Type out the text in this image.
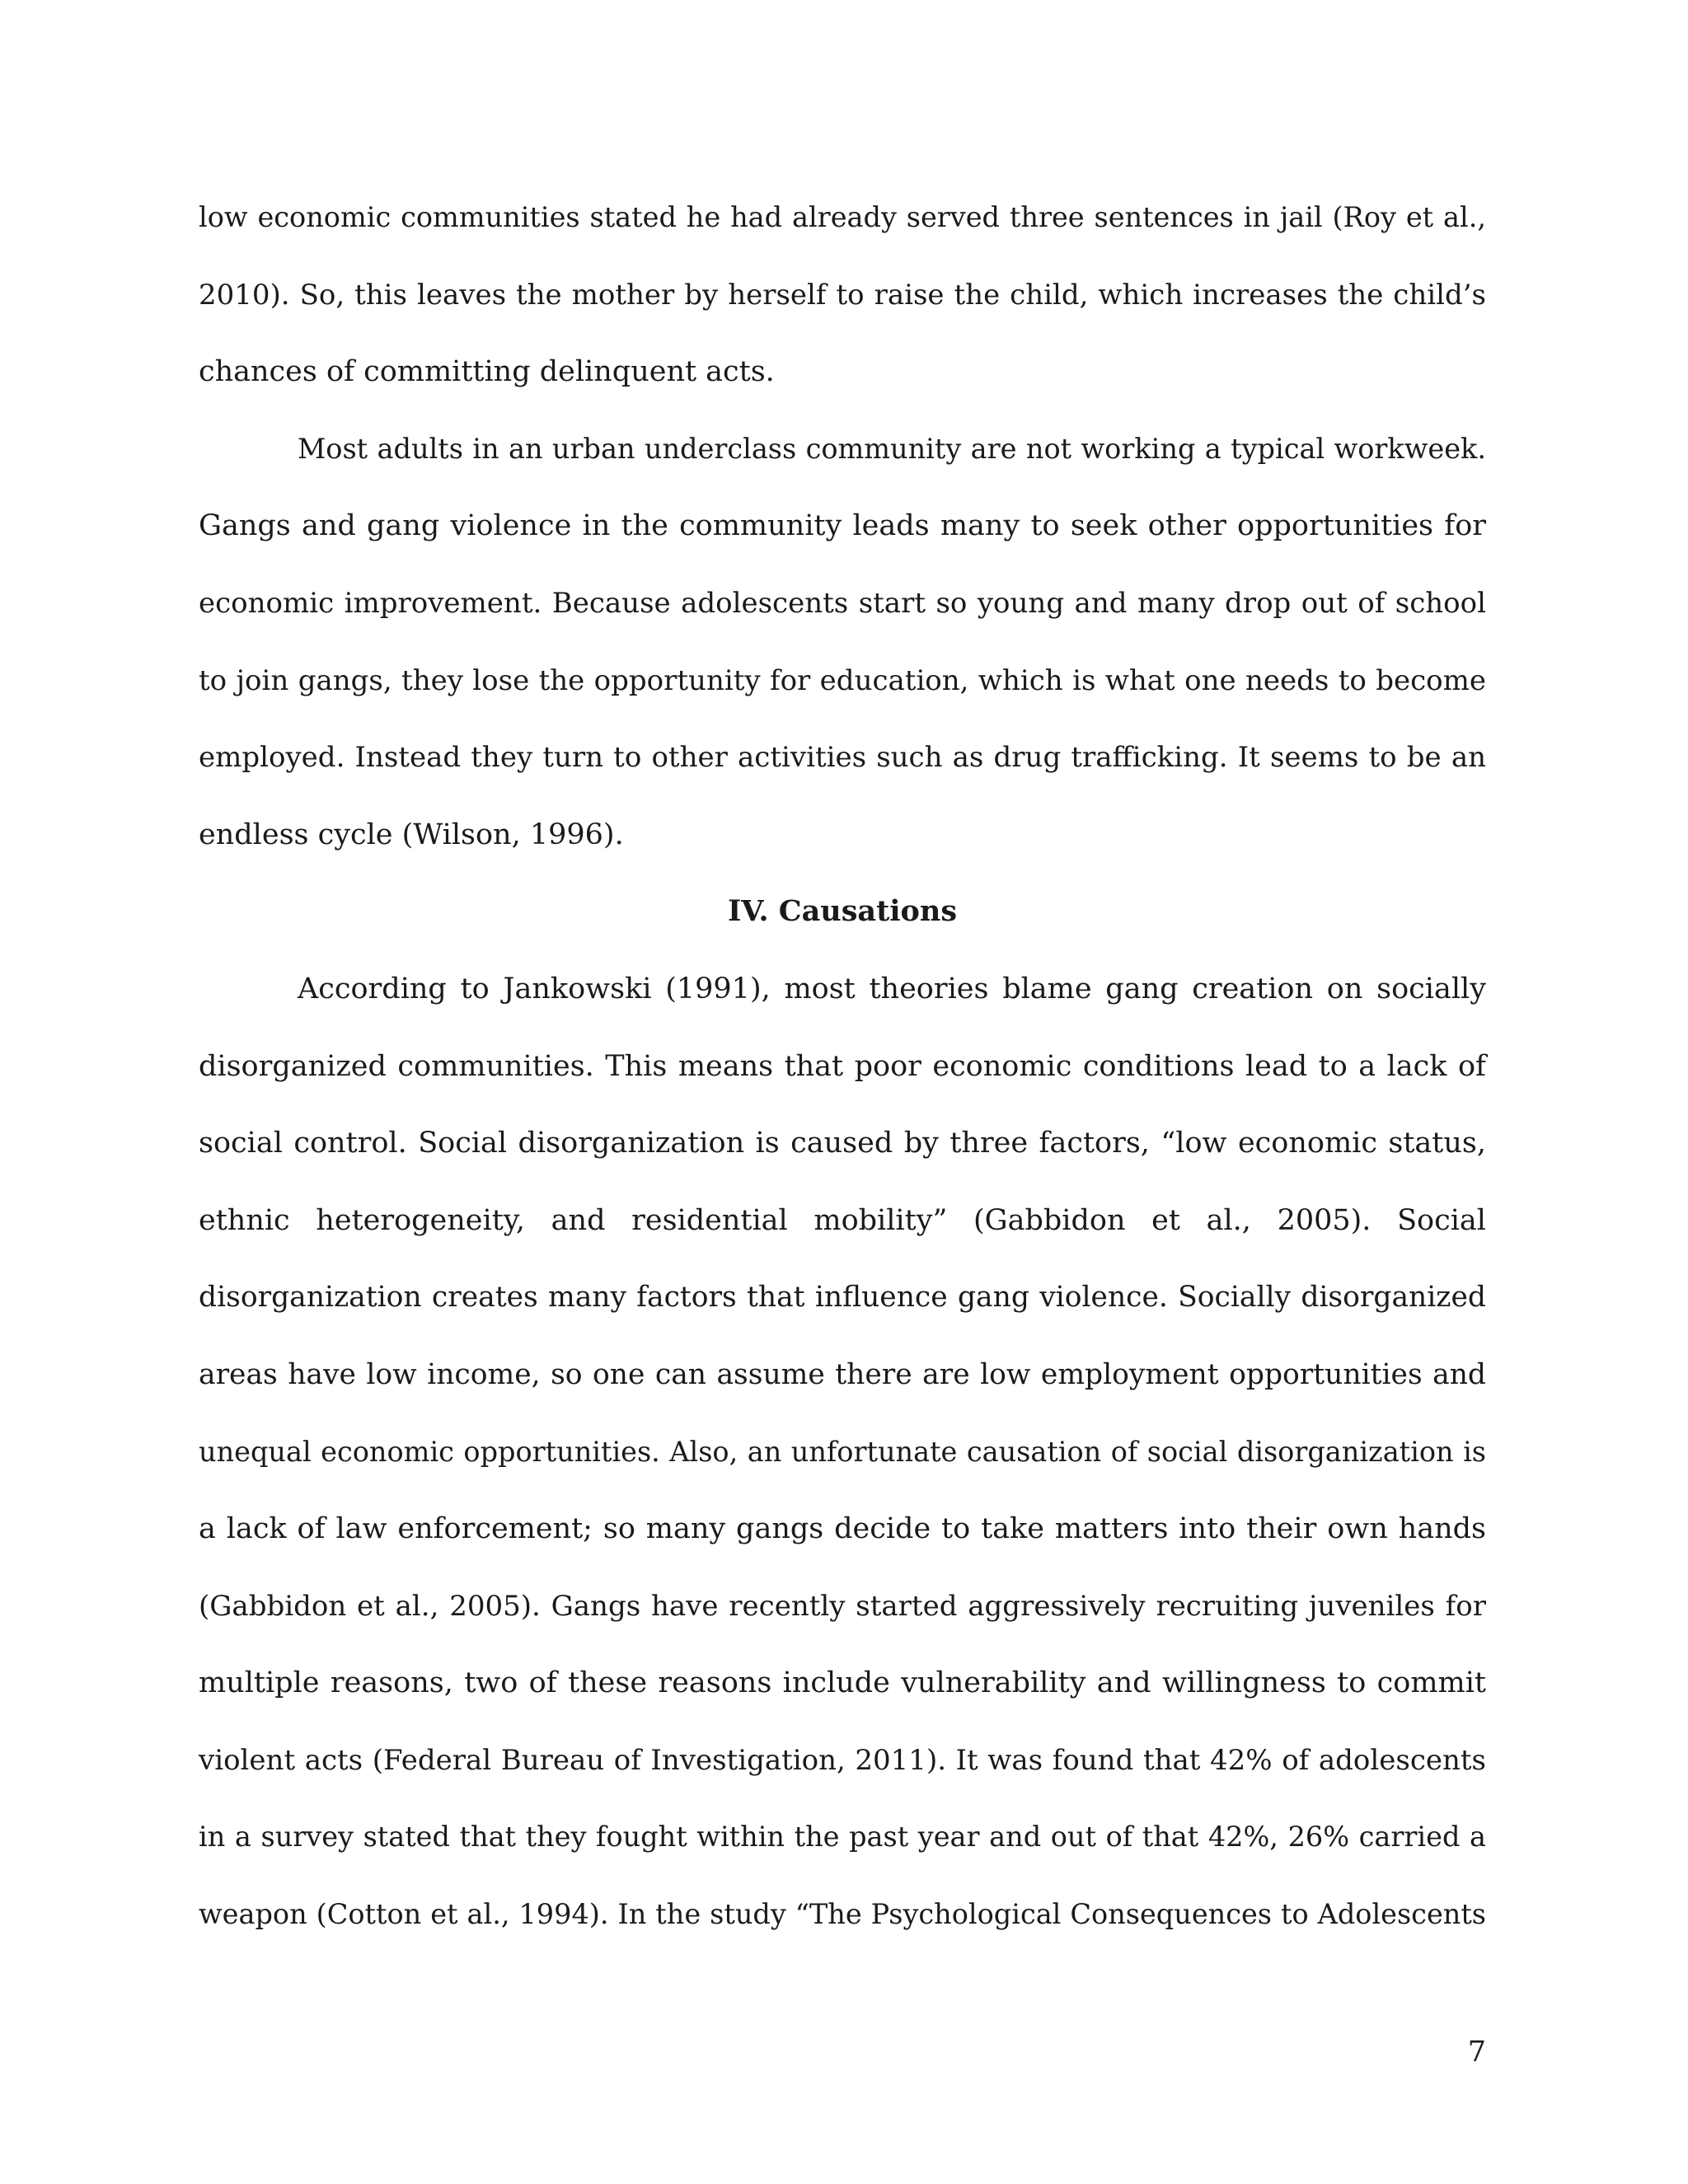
low economic communities stated he had already served three sentences in jail (Roy et al.,
2010). So, this leaves the mother by herself to raise the child, which increases the child’s
chances of committing delinquent acts.
Most adults in an urban underclass community are not working a typical workweek.
Gangs and gang violence in the community leads many to seek other opportunities for
economic improvement. Because adolescents start so young and many drop out of school
to join gangs, they lose the opportunity for education, which is what one needs to become
employed. Instead they turn to other activities such as drug trafficking. It seems to be an
endless cycle (Wilson, 1996).
IV. Causations
According to Jankowski (1991), most theories blame gang creation on socially
disorganized communities. This means that poor economic conditions lead to a lack of
social control. Social disorganization is caused by three factors, “low economic status,
ethnic heterogeneity, and residential mobility” (Gabbidon et al., 2005). Social
disorganization creates many factors that influence gang violence. Socially disorganized
areas have low income, so one can assume there are low employment opportunities and
unequal economic opportunities. Also, an unfortunate causation of social disorganization is
a lack of law enforcement; so many gangs decide to take matters into their own hands
(Gabbidon et al., 2005). Gangs have recently started aggressively recruiting juveniles for
multiple reasons, two of these reasons include vulnerability and willingness to commit
violent acts (Federal Bureau of Investigation, 2011). It was found that 42% of adolescents
in a survey stated that they fought within the past year and out of that 42%, 26% carried a
weapon (Cotton et al., 1994). In the study “The Psychological Consequences to Adolescents
7
